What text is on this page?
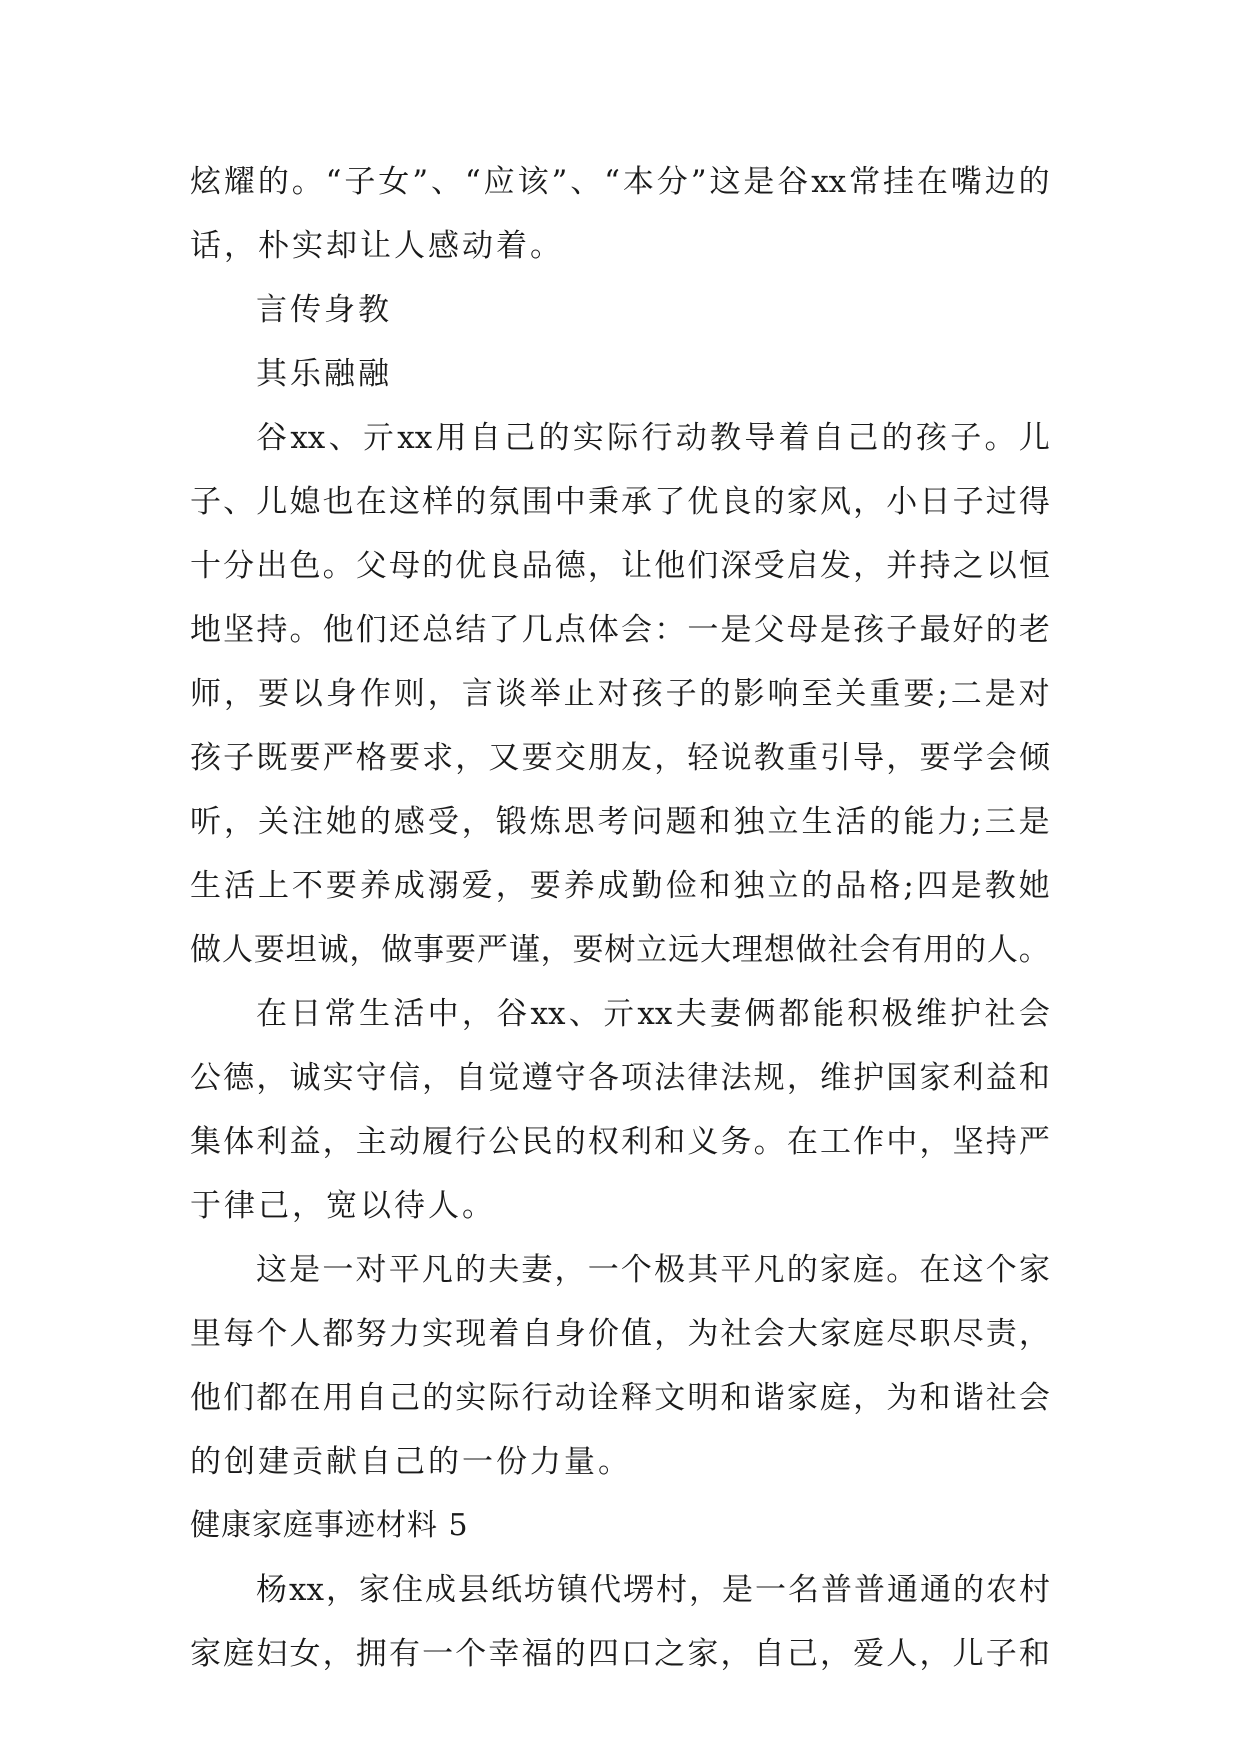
炫 耀 的 。 “ 子 女 ” 、 “ 应 该 ” 、 “ 本 分 ” 这 是 谷 xx 常 挂 在 嘴 边 的
话，朴实却让人感动着。
言传身教
其乐融融
谷 xx 、 亓 xx 用 自 己 的 实 际 行 动 教 导 着 自 己 的 孩 子 。 儿
子 、 儿 媳 也 在 这 样 的 氛 围 中 秉 承 了 优 良 的 家 风 ， 小 日 子 过 得
十 分 出 色 。 父 母 的 优 良 品 德 ， 让 他 们 深 受 启 发 ， 并 持 之 以 恒
地 坚 持 。 他 们 还 总 结 了 几 点 体 会 ： 一 是 父 母 是 孩 子 最 好 的 老
师 ， 要 以 身 作 则 ， 言 谈 举 止 对 孩 子 的 影 响 至 关 重 要 ; 二 是 对
孩 子 既 要 严 格 要 求 ， 又 要 交 朋 友 ， 轻 说 教 重 引 导 ， 要 学 会 倾
听 ， 关 注 她 的 感 受 ， 锻 炼 思 考 问 题 和 独 立 生 活 的 能 力 ; 三 是
生 活 上 不 要 养 成 溺 爱 ， 要 养 成 勤 俭 和 独 立 的 品 格 ; 四 是 教 她
做 人 要 坦 诚 ， 做 事 要 严 谨 ， 要 树 立 远 大 理 想 做 社 会 有 用 的 人 。
在 日 常 生 活 中 ， 谷 xx 、 亓 xx 夫 妻 俩 都 能 积 极 维 护 社 会
公 德 ， 诚 实 守 信 ， 自 觉 遵 守 各 项 法 律 法 规 ， 维 护 国 家 利 益 和
集 体 利 益 ， 主 动 履 行 公 民 的 权 利 和 义 务 。 在 工 作 中 ， 坚 持 严
于律己，宽以待人。
这 是 一 对 平 凡 的 夫 妻 ， 一 个 极 其 平 凡 的 家 庭 。 在 这 个 家
里 每 个 人 都 努 力 实 现 着 自 身 价 值 ， 为 社 会 大 家 庭 尽 职 尽 责 ，
他 们 都 在 用 自 己 的 实 际 行 动 诠 释 文 明 和 谐 家 庭 ， 为 和 谐 社 会
的创建贡献自己的一份力量。
健康家庭事迹材料 5
杨 xx ， 家 住 成 县 纸 坊 镇 代 塄 村 ， 是 一 名 普 普 通 通 的 农 村
家 庭 妇 女 ， 拥 有 一 个 幸 福 的 四 口 之 家 ， 自 己 ， 爱 人 ， 儿 子 和
